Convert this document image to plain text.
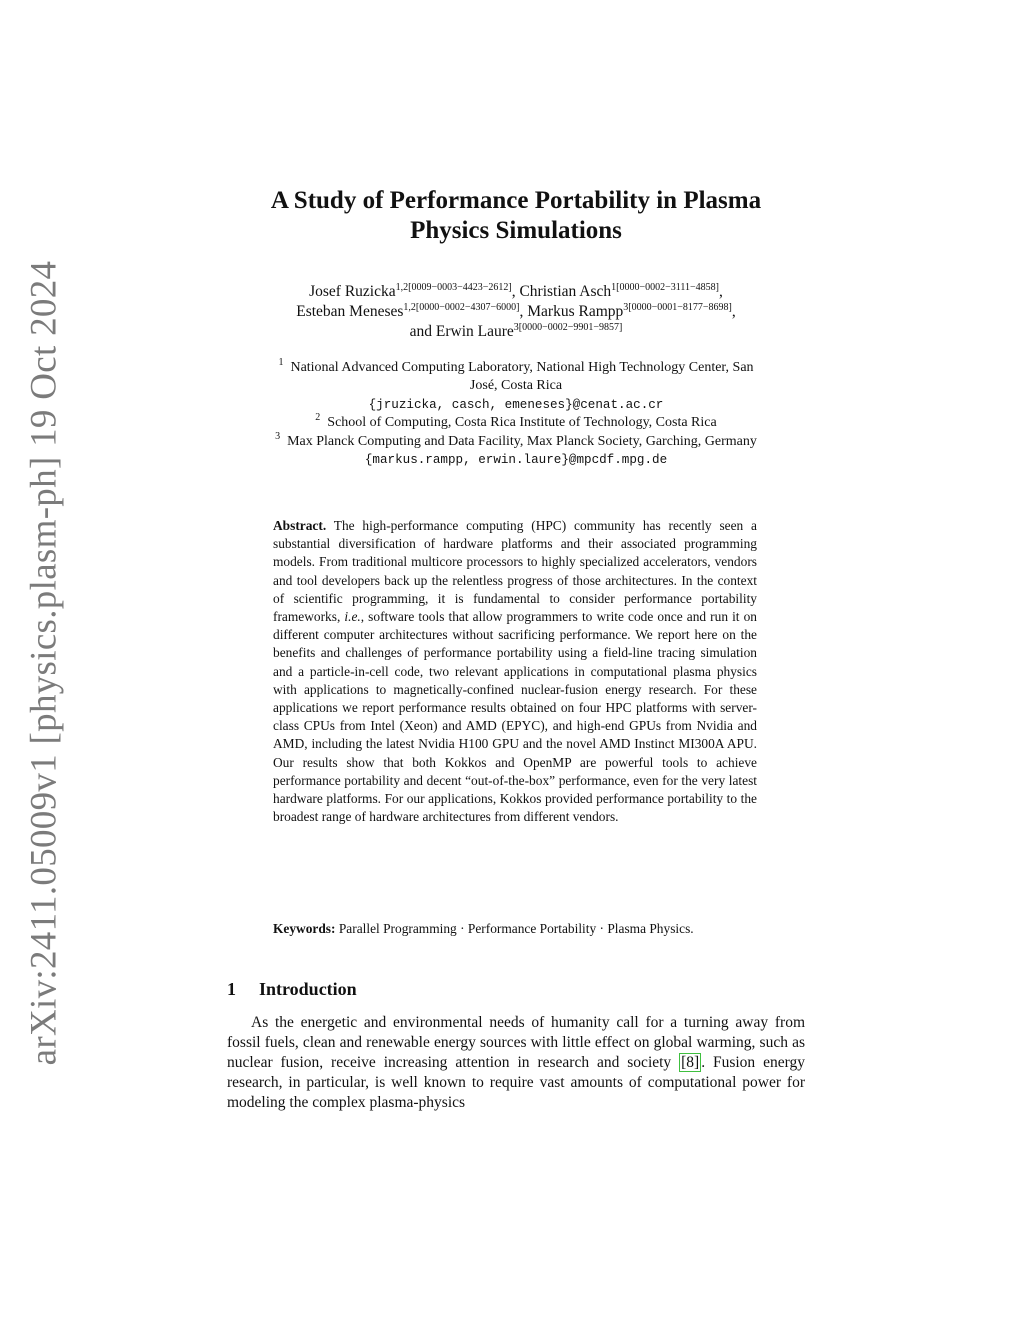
arXiv:2411.05009v1 [physics.plasm-ph] 19 Oct 2024
A Study of Performance Portability in Plasma
Physics Simulations
Josef Ruzicka$^{1,2[0009-0003-4423-2612]}$, Christian Asch$^{1[0000-0002-3111-4858]}$,
Esteban Meneses$^{1,2[0000-0002-4307-6000]}$, Markus Rampp$^{3[0000-0001-8177-8698]}$,
and Erwin Laure$^{3[0000-0002-9901-9857]}$
$^1$ National Advanced Computing Laboratory, National High Technology Center, San
José, Costa Rica
{jruzicka, casch, emeneses}@cenat.ac.cr
$^2$ School of Computing, Costa Rica Institute of Technology, Costa Rica
$^3$ Max Planck Computing and Data Facility, Max Planck Society, Garching, Germany
{markus.rampp, erwin.laure}@mpcdf.mpg.de

Abstract. The high-performance computing (HPC) community has recently seen a substantial diversification of hardware platforms and their associated programming models. From traditional multicore processors to highly specialized accelerators, vendors and tool developers back up the relentless progress of those architectures. In the context of scientific programming, it is fundamental to consider performance portability frameworks, i.e., software tools that allow programmers to write code once and run it on different computer architectures without sacrificing performance. We report here on the benefits and challenges of performance portability using a field-line tracing simulation and a particle-in-cell code, two relevant applications in computational plasma physics with applications to magnetically-confined nuclear-fusion energy research. For these applications we report performance results obtained on four HPC platforms with server-class CPUs from Intel (Xeon) and AMD (EPYC), and high-end GPUs from Nvidia and AMD, including the latest Nvidia H100 GPU and the novel AMD Instinct MI300A APU. Our results show that both Kokkos and OpenMP are powerful tools to achieve performance portability and decent “out-of-the-box” performance, even for the very latest hardware platforms. For our applications, Kokkos provided performance portability to the broadest range of hardware architectures from different vendors.

Keywords: Parallel Programming · Performance Portability · Plasma Physics.

1 Introduction

As the energetic and environmental needs of humanity call for a turning away from fossil fuels, clean and renewable energy sources with little effect on global warming, such as nuclear fusion, receive increasing attention in research and society [8] . Fusion energy research, in particular, is well known to require vast amounts of computational power for modeling the complex plasma-physics
